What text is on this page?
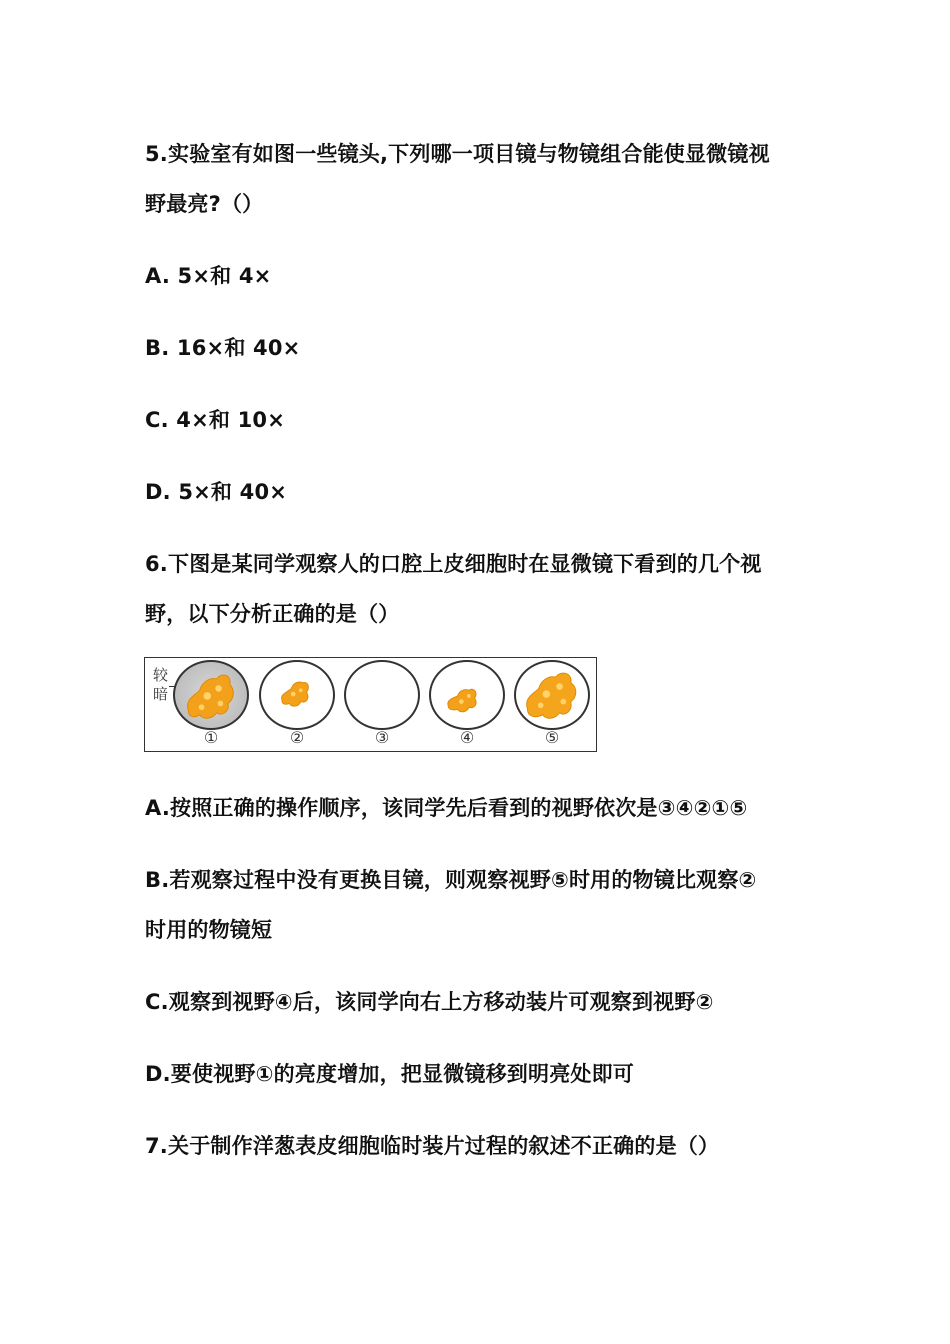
5.实验室有如图一些镜头,下列哪一项目镜与物镜组合能使显微镜视
野最亮?（）
A. 5×和 4×
B. 16×和 40×
C. 4×和 10×
D. 5×和 40×
6.下图是某同学观察人的口腔上皮细胞时在显微镜下看到的几个视
野，以下分析正确的是（）
较暗
①	②	③	④	⑤
A.按照正确的操作顺序，该同学先后看到的视野依次是③④②①⑤
B.若观察过程中没有更换目镜，则观察视野⑤时用的物镜比观察②
时用的物镜短
C.观察到视野④后，该同学向右上方移动装片可观察到视野②
D.要使视野①的亮度增加，把显微镜移到明亮处即可
7.关于制作洋葱表皮细胞临时装片过程的叙述不正确的是（）
